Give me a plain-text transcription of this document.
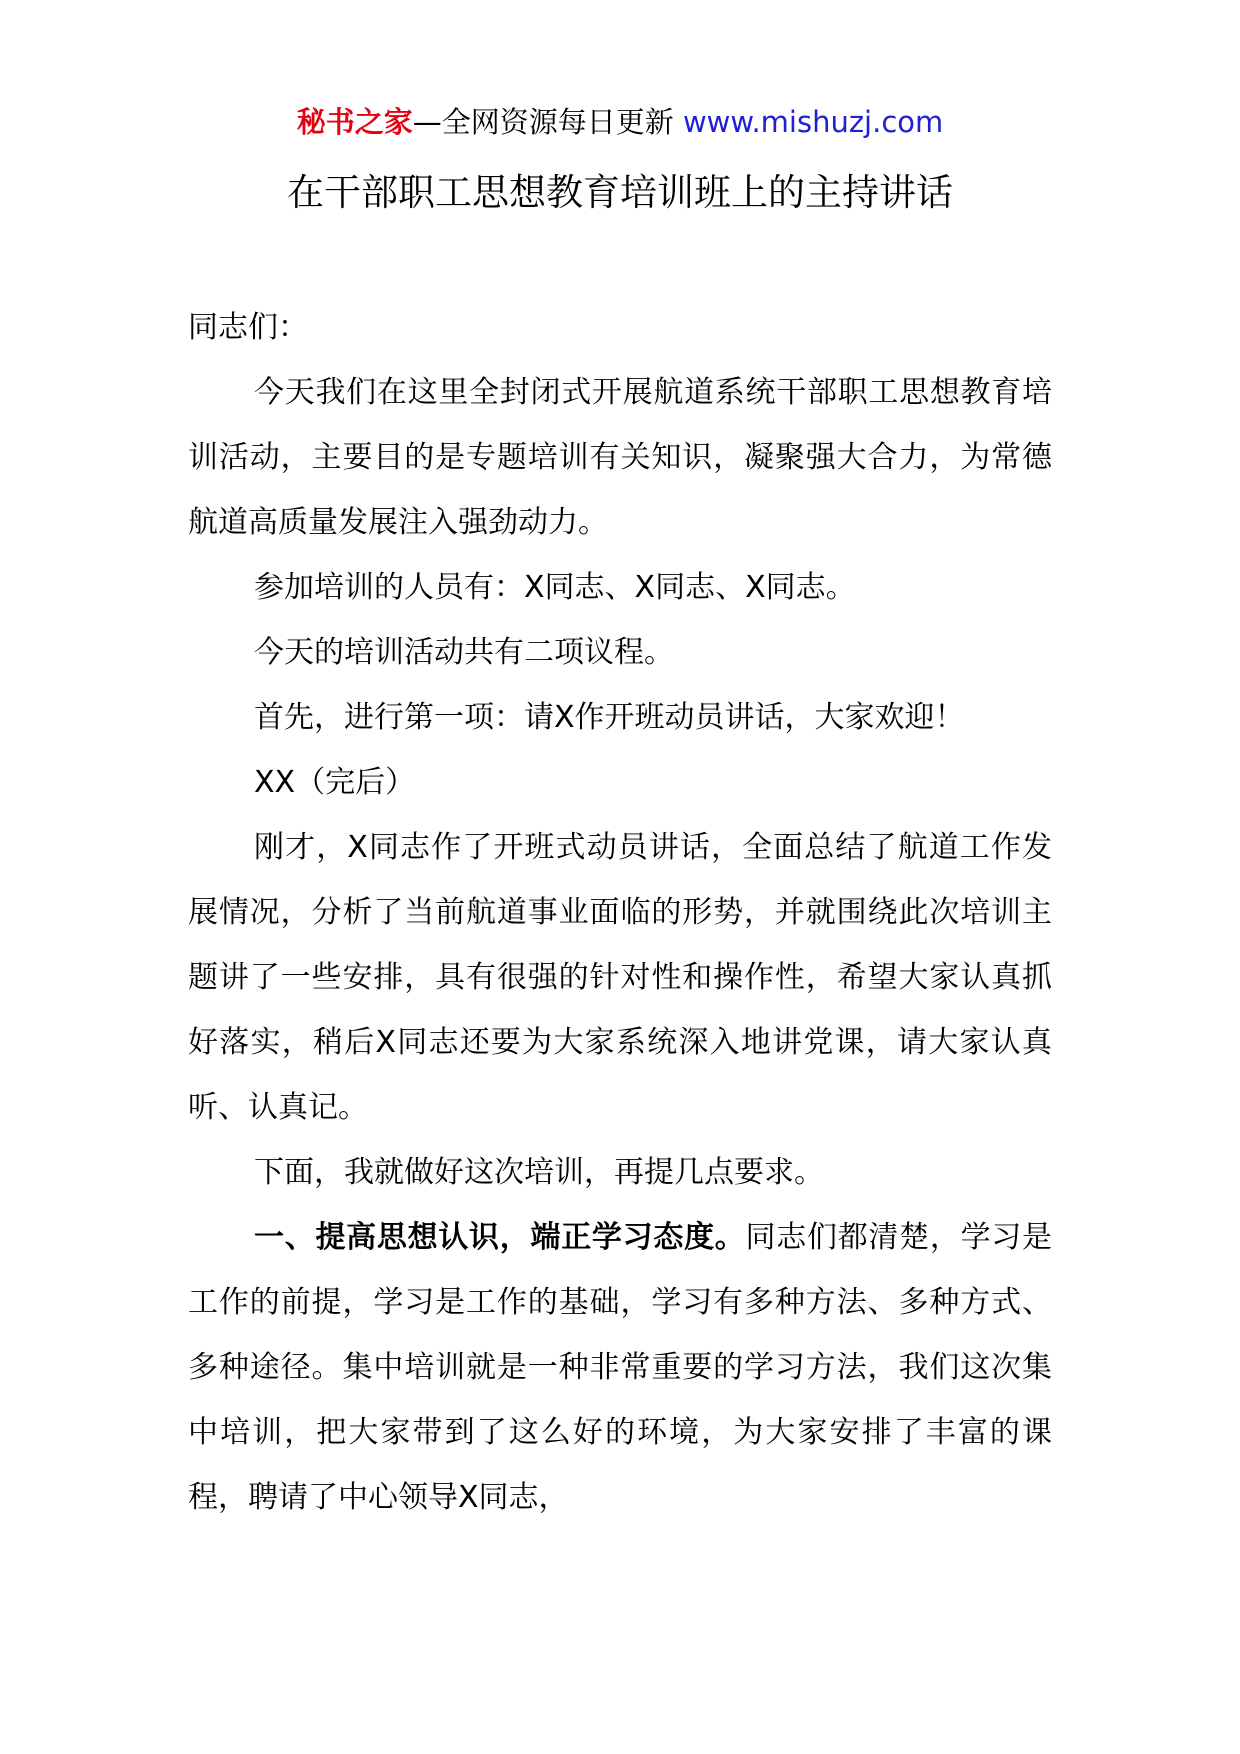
秘书之家—全网资源每日更新 www.mishuzj.com
在干部职工思想教育培训班上的主持讲话

同志们：

今天我们在这里全封闭式开展航道系统干部职工思想教育培训活动，主要目的是专题培训有关知识，凝聚强大合力，为常德航道高质量发展注入强劲动力。

参加培训的人员有：X同志、X同志、X同志。

今天的培训活动共有二项议程。

首先，进行第一项：请X作开班动员讲话，大家欢迎！

XX（完后）

刚才，X同志作了开班式动员讲话，全面总结了航道工作发展情况，分析了当前航道事业面临的形势，并就围绕此次培训主题讲了一些安排，具有很强的针对性和操作性，希望大家认真抓好落实，稍后X同志还要为大家系统深入地讲党课，请大家认真听、认真记。

下面，我就做好这次培训，再提几点要求。

一、提高思想认识，端正学习态度。同志们都清楚，学习是工作的前提，学习是工作的基础，学习有多种方法、多种方式、多种途径。集中培训就是一种非常重要的学习方法，我们这次集中培训，把大家带到了这么好的环境，为大家安排了丰富的课程，聘请了中心领导X同志，
